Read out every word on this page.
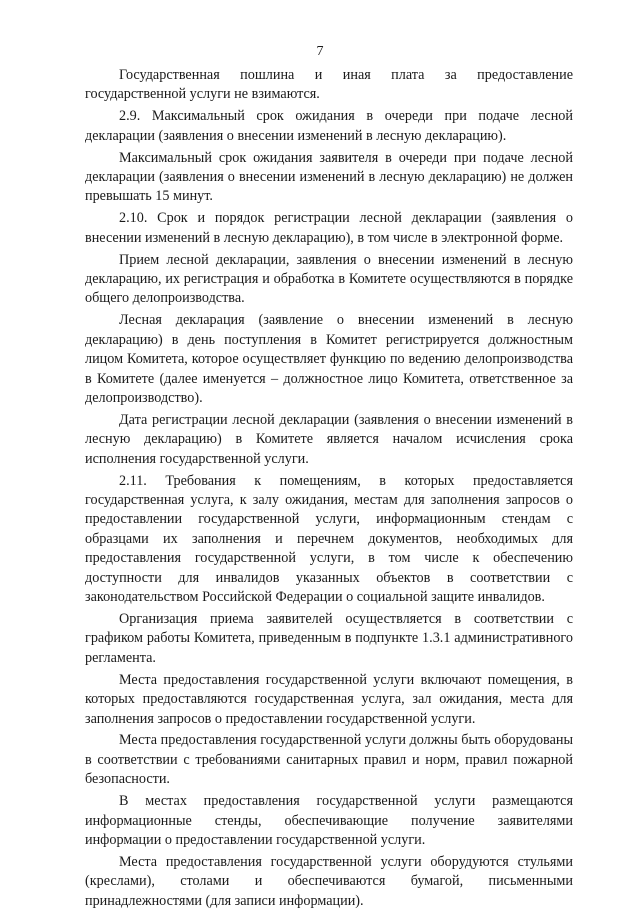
7

Государственная пошлина и иная плата за предоставление государственной услуги не взимаются.

2.9. Максимальный срок ожидания в очереди при подаче лесной декларации (заявления о внесении изменений в лесную декларацию).

Максимальный срок ожидания заявителя в очереди при подаче лесной декларации (заявления о внесении изменений в лесную декларацию) не должен превышать 15 минут.

2.10. Срок и порядок регистрации лесной декларации (заявления о внесении изменений в лесную декларацию), в том числе в электронной форме.

Прием лесной декларации, заявления о внесении изменений в лесную декларацию, их регистрация и обработка в Комитете осуществляются в порядке общего делопроизводства.

Лесная декларация (заявление о внесении изменений в лесную декларацию) в день поступления в Комитет регистрируется должностным лицом Комитета, которое осуществляет функцию по ведению делопроизводства в Комитете (далее именуется – должностное лицо Комитета, ответственное за делопроизводство).

Дата регистрации лесной декларации (заявления о внесении изменений в лесную декларацию) в Комитете является началом исчисления срока исполнения государственной услуги.

2.11. Требования к помещениям, в которых предоставляется государственная услуга, к залу ожидания, местам для заполнения запросов о предоставлении государственной услуги, информационным стендам с образцами их заполнения и перечнем документов, необходимых для предоставления государственной услуги, в том числе к обеспечению доступности для инвалидов указанных объектов в соответствии с законодательством Российской Федерации о социальной защите инвалидов.

Организация приема заявителей осуществляется в соответствии с графиком работы Комитета, приведенным в подпункте 1.3.1 административного регламента.

Места предоставления государственной услуги включают помещения, в которых предоставляются государственная услуга, зал ожидания, места для заполнения запросов о предоставлении государственной услуги.

Места предоставления государственной услуги должны быть оборудованы в соответствии с требованиями санитарных правил и норм, правил пожарной безопасности.

В местах предоставления государственной услуги размещаются информационные стенды, обеспечивающие получение заявителями информации о предоставлении государственной услуги.

Места предоставления государственной услуги оборудуются стульями (креслами), столами и обеспечиваются бумагой, письменными принадлежностями (для записи информации).
